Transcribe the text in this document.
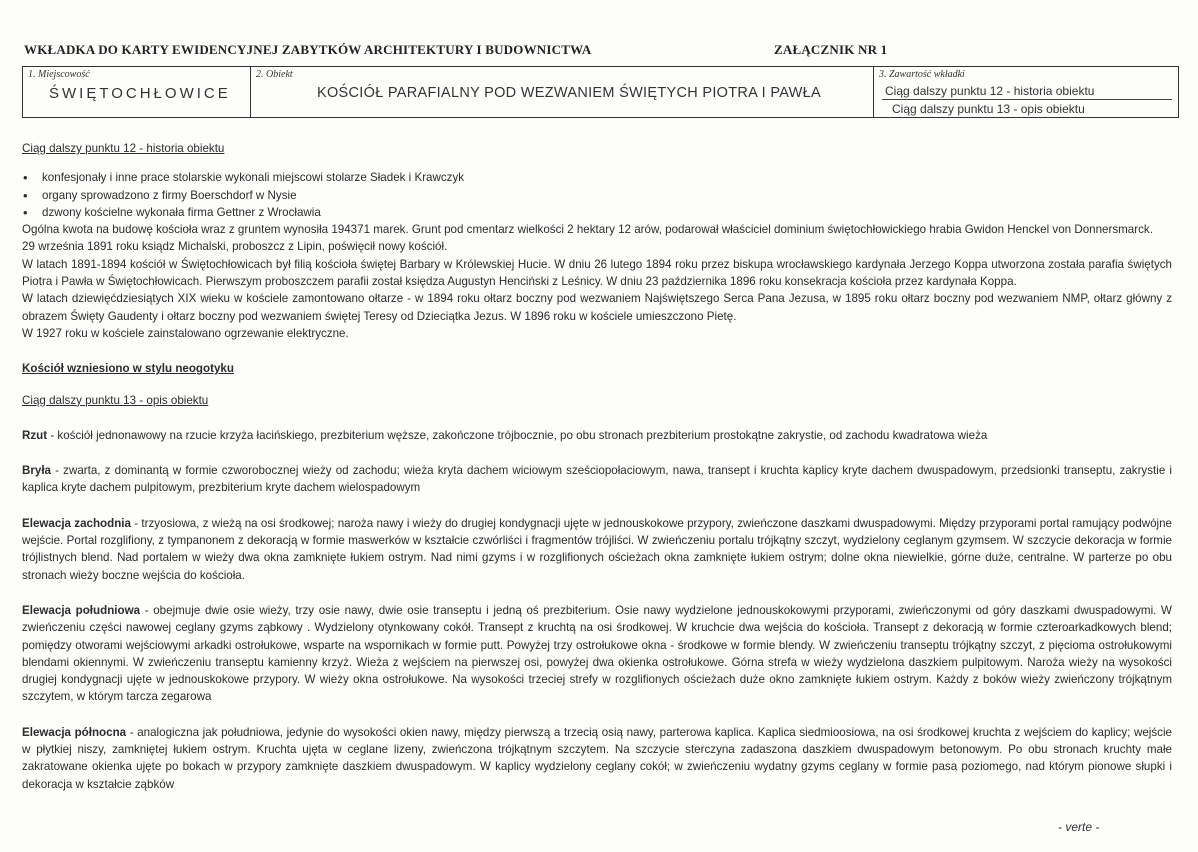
WKŁADKA DO KARTY EWIDENCYJNEJ ZABYTKÓW ARCHITEKTURY I BUDOWNICTWA	ZAŁĄCZNIK NR 1
1. Miejscowość
ŚWIĘTOCHŁOWICE
2. Obiekt
KOŚCIÓŁ PARAFIALNY POD WEZWANIEM ŚWIĘTYCH PIOTRA I PAWŁA
3. Zawartość wkładki
Ciąg dalszy punktu 12 - historia obiektu
Ciąg dalszy punktu 13 - opis obiektu

Ciąg dalszy punktu 12 - historia obiektu

• konfesjonały i inne prace stolarskie wykonali miejscowi stolarze Sładek i Krawczyk
• organy sprowadzono z firmy Boerschdorf w Nysie
• dzwony kościelne wykonała firma Gettner z Wrocławia

Ogólna kwota na budowę kościoła wraz z gruntem wynosiła 194371 marek. Grunt pod cmentarz wielkości 2 hektary 12 arów, podarował właściciel dominium świętochłowickiego hrabia Gwidon Henckel von Donnersmarck.

29 września 1891 roku ksiądz Michalski, proboszcz z Lipin, poświęcił nowy kościół.

W latach 1891-1894 kościół w Świętochłowicach był filią kościoła świętej Barbary w Królewskiej Hucie. W dniu 26 lutego 1894 roku przez biskupa wrocławskiego kardynała Jerzego Koppa utworzona została parafia świętych Piotra i Pawła w Świętochłowicach. Pierwszym proboszczem parafii został księdza Augustyn Henciński z Leśnicy. W dniu 23 października 1896 roku konsekracja kościoła przez kardynała Koppa.

W latach dziewięćdziesiątych XIX wieku w kościele zamontowano ołtarze - w 1894 roku ołtarz boczny pod wezwaniem Najświętszego Serca Pana Jezusa, w 1895 roku ołtarz boczny pod wezwaniem NMP, ołtarz główny z obrazem Święty Gaudenty i ołtarz boczny pod wezwaniem świętej Teresy od Dzieciątka Jezus. W 1896 roku w kościele umieszczono Pietę.

W 1927 roku w kościele zainstalowano ogrzewanie elektryczne.

Kościół wzniesiono w stylu neogotyku

Ciąg dalszy punktu 13 - opis obiektu

Rzut - kościół jednonawowy na rzucie krzyża łacińskiego, prezbiterium węższe, zakończone trójbocznie, po obu stronach prezbiterium prostokątne zakrystie, od zachodu kwadratowa wieża

Bryła - zwarta, z dominantą w formie czworobocznej wieży od zachodu; wieża kryta dachem wiciowym sześciopołaciowym, nawa, transept i kruchta kaplicy kryte dachem dwuspadowym, przedsionki transeptu, zakrystie i kaplica kryte dachem pulpitowym, prezbiterium kryte dachem wielospadowym

Elewacja zachodnia - trzyosiowa, z wieżą na osi środkowej; naroża nawy i wieży do drugiej kondygnacji ujęte w jednouskokowe przypory, zwieńczone daszkami dwuspadowymi. Między przyporami portal ramujący podwójne wejście. Portal rozglifiony, z tympanonem z dekoracją w formie maswerków w kształcie czwórliści i fragmentów trójliści. W zwieńczeniu portalu trójkątny szczyt, wydzielony ceglanym gzymsem. W szczycie dekoracja w formie trójlistnych blend. Nad portalem w wieży dwa okna zamknięte łukiem ostrym. Nad nimi gzyms i w rozglifionych ościeżach okna zamknięte łukiem ostrym; dolne okna niewielkie, górne duże, centralne. W parterze po obu stronach wieży boczne wejścia do kościoła.

Elewacja południowa - obejmuje dwie osie wieży, trzy osie nawy, dwie osie transeptu i jedną oś prezbiterium. Osie nawy wydzielone jednouskokowymi przyporami, zwieńczonymi od góry daszkami dwuspadowymi. W zwieńczeniu części nawowej ceglany gzyms ząbkowy . Wydzielony otynkowany cokół. Transept z kruchtą na osi środkowej. W kruchcie dwa wejścia do kościoła. Transept z dekoracją w formie czteroarkadkowych blend; pomiędzy otworami wejściowymi arkadki ostrołukowe, wsparte na wspornikach w formie putt. Powyżej trzy ostrołukowe okna - środkowe w formie blendy. W zwieńczeniu transeptu trójkątny szczyt, z pięcioma ostrołukowymi blendami okiennymi. W zwieńczeniu transeptu kamienny krzyż. Wieża z wejściem na pierwszej osi, powyżej dwa okienka ostrołukowe. Górna strefa w wieży wydzielona daszkiem pulpitowym. Naroża wieży na wysokości drugiej kondygnacji ujęte w jednouskokowe przypory. W wieży okna ostrołukowe. Na wysokości trzeciej strefy w rozglifionych ościeżach duże okno zamknięte łukiem ostrym. Każdy z boków wieży zwieńczony trójkątnym szczytem, w którym tarcza zegarowa

Elewacja północna - analogiczna jak południowa, jedynie do wysokości okien nawy, między pierwszą a trzecią osią nawy, parterowa kaplica. Kaplica siedmioosiowa, na osi środkowej kruchta z wejściem do kaplicy; wejście w płytkiej niszy, zamkniętej łukiem ostrym. Kruchta ujęta w ceglane lizeny, zwieńczona trójkątnym szczytem. Na szczycie sterczyna zadaszona daszkiem dwuspadowym betonowym. Po obu stronach kruchty małe zakratowane okienka ujęte po bokach w przypory zamknięte daszkiem dwuspadowym. W kaplicy wydzielony ceglany cokół; w zwieńczeniu wydatny gzyms ceglany w formie pasa poziomego, nad którym pionowe słupki i dekoracja w kształcie ząbków

- verte -
